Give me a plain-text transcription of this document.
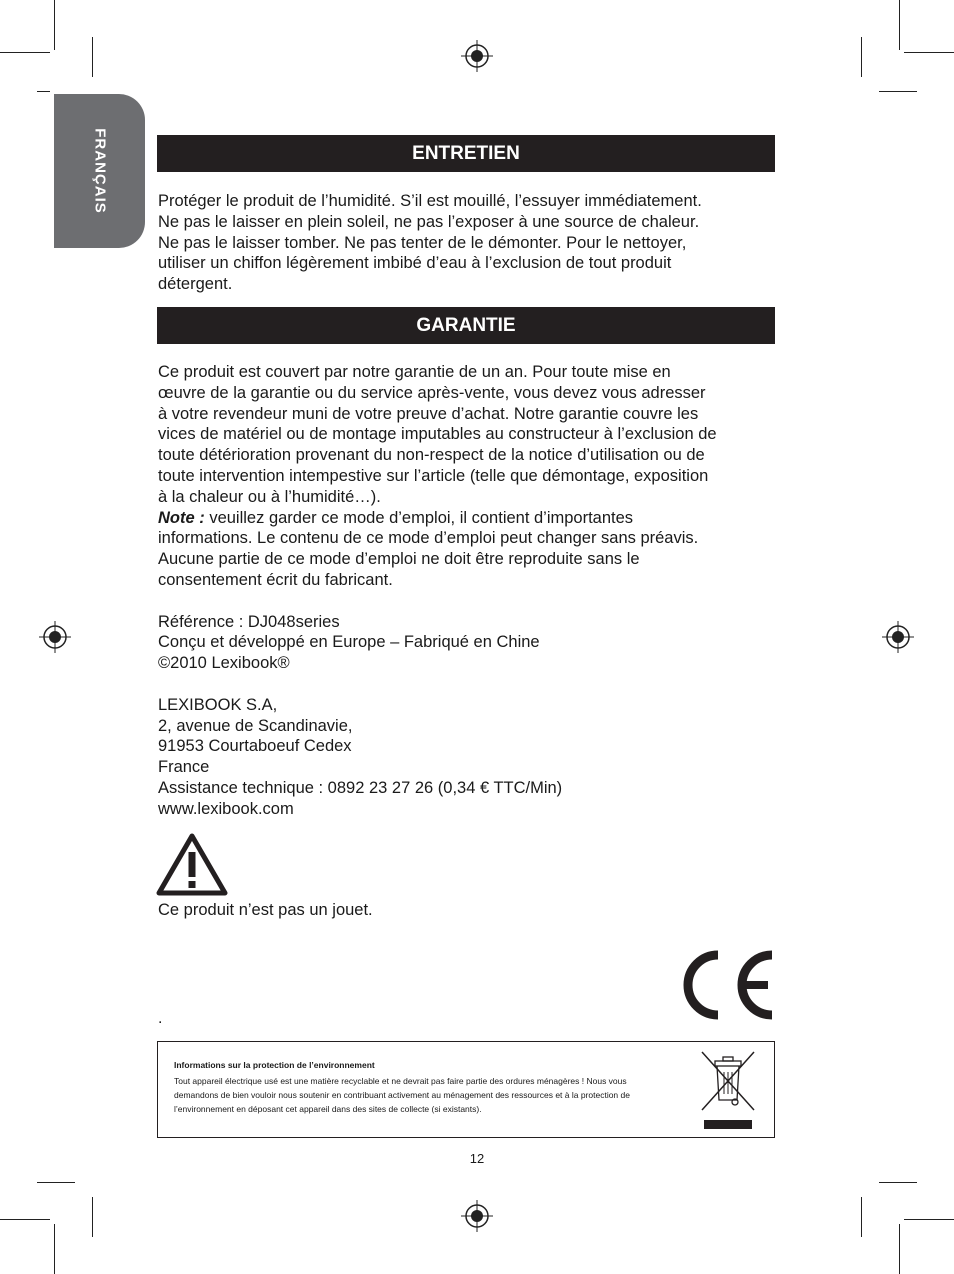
FRANÇAIS	ENTRETIEN

Protéger le produit de l’humidité. S’il est mouillé, l’essuyer immédiatement.

Ne pas le laisser en plein soleil, ne pas l’exposer à une source de chaleur.

Ne pas le laisser tomber. Ne pas tenter de le démonter. Pour le nettoyer,

utiliser un chiffon légèrement imbibé d’eau à l’exclusion de tout produit

détergent.

GARANTIE

Ce produit est couvert par notre garantie de un an. Pour toute mise en

œuvre de la garantie ou du service après-vente, vous devez vous adresser

à votre revendeur muni de votre preuve d’achat. Notre garantie couvre les

vices de matériel ou de montage imputables au constructeur à l’exclusion de

toute détérioration provenant du non-respect de la notice d’utilisation ou de

toute intervention intempestive sur l’article (telle que démontage, exposition

à la chaleur ou à l’humidité…).

Note : veuillez garder ce mode d’emploi, il contient d’importantes

informations. Le contenu de ce mode d’emploi peut changer sans préavis.

Aucune partie de ce mode d’emploi ne doit être reproduite sans le

consentement écrit du fabricant.

Référence : DJ048series

Conçu et développé en Europe – Fabriqué en Chine

©2010 Lexibook®

LEXIBOOK S.A,

2, avenue de Scandinavie,

91953 Courtaboeuf Cedex

France

Assistance technique : 0892 23 27 26 (0,34 € TTC/Min)

www.lexibook.com

Ce produit n’est pas un jouet.
.
Informations sur la protection de l’environnement
Tout appareil électrique usé est une matière recyclable et ne devrait pas faire partie des ordures ménagères ! Nous vous
demandons de bien vouloir nous soutenir en contribuant activement au ménagement des ressources et à la protection de
l’environnement en déposant cet appareil dans des sites de collecte (si existants).
12
